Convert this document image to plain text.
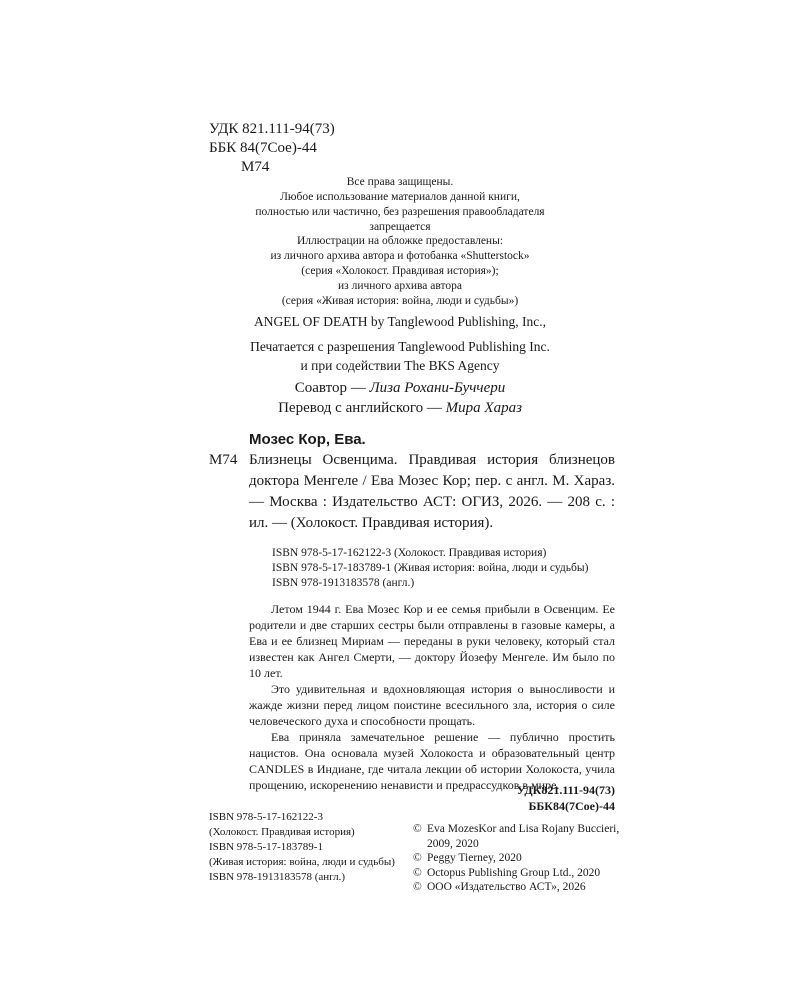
УДК 821.111-94(73)
ББК 84(7Сое)-44
М74
Все права защищены.
Любое использование материалов данной книги,
полностью или частично, без разрешения правообладателя
запрещается
Иллюстрации на обложке предоставлены:
из личного архива автора и фотобанка «Shutterstock»
(серия «Холокост. Правдивая история»);
из личного архива автора
(серия «Живая история: война, люди и судьбы»)
ANGEL OF DEATH by Tanglewood Publishing, Inc.,
Печатается с разрешения Tanglewood Publishing Inc.
и при содействии The BKS Agency
Соавтор — Лиза Рохани-Буччери
Перевод с английского — Мира Хараз
Мозес Кор, Ева.
М74 Близнецы Освенцима. Правдивая история близнецов доктора Менгеле / Ева Мозес Кор; пер. с англ. М. Хараз. — Москва : Издательство АСТ: ОГИЗ, 2026. — 208 с. : ил. — (Холокост. Правдивая история).
ISBN 978-5-17-162122-3 (Холокост. Правдивая история)
ISBN 978-5-17-183789-1 (Живая история: война, люди и судьбы)
ISBN 978-1913183578 (англ.)

Летом 1944 г. Ева Мозес Кор и ее семья прибыли в Освенцим. Ее родители и две старших сестры были отправлены в газовые камеры, а Ева и ее близнец Мириам — переданы в руки человеку, который стал известен как Ангел Смерти, — доктору Йозефу Менгеле. Им было по 10 лет.

Это удивительная и вдохновляющая история о выносливости и жажде жизни перед лицом поистине всесильного зла, история о силе человеческого духа и способности прощать.

Ева приняла замечательное решение — публично простить нацистов. Она основала музей Холокоста и образовательный центр CANDLES в Индиане, где читала лекции об истории Холокоста, учила прощению, искоренению ненависти и предрассудков в мире.

УДК821.111-94(73)
ББК84(7Сое)-44
ISBN 978-5-17-162122-3
(Холокост. Правдивая история)
ISBN 978-5-17-183789-1
(Живая история: война, люди и судьбы)
ISBN 978-1913183578 (англ.)
© Eva MozesKor and Lisa Rojany Buccieri,
2009, 2020
© Peggy Tierney, 2020
© Octopus Publishing Group Ltd., 2020
© ООО «Издательство АСТ», 2026
